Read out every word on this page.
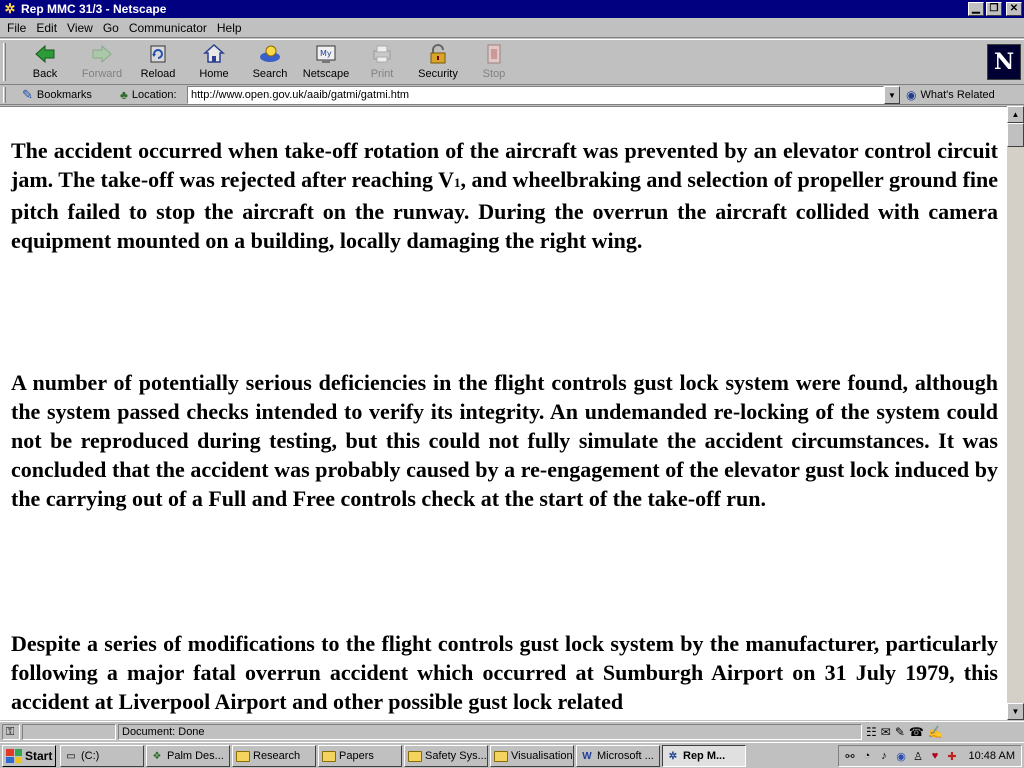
✲ Rep MMC 31/3 - Netscape	▁ ❐	✕
File Edit View Go Communicator Help
Back Forward Reload Home Search
My
Netscape Print Security Stop	N
✎ Bookmarks ♣ Location:
http://www.open.gov.uk/aaib/gatmi/gatmi.htm	▼ ◉ What's Related

The accident occurred when take-off rotation of the aircraft was prevented by an elevator control circuit jam. The take-off was rejected after reaching V1, and wheelbraking and selection of propeller ground fine pitch failed to stop the aircraft on the runway. During the overrun the aircraft collided with camera equipment mounted on a building, locally damaging the right wing.

A number of potentially serious deficiencies in the flight controls gust lock system were found, although the system passed checks intended to verify its integrity. An undemanded re-locking of the system could not be reproduced during testing, but this could not fully simulate the accident circumstances. It was concluded that the accident was probably caused by a re-engagement of the elevator gust lock induced by the carrying out of a Full and Free controls check at the start of the take-off run.

Despite a series of modifications to the flight controls gust lock system by the manufacturer, particularly following a major fatal overrun accident which occurred at Sumburgh Airport on 31 July 1979, this accident at Liverpool Airport and other possible gust lock related

▲
▼
⚿	Document: Done	☷ ✉ ✎ ☎ ✍
Start ▭ (C:)	❖ Palm Des...	Research	Papers	Safety Sys... Visualisation W Microsoft ... ✲ Rep M...	⚯ ◔ ♪ ◉ ♙ ♥ ✚ 10:48 AM
